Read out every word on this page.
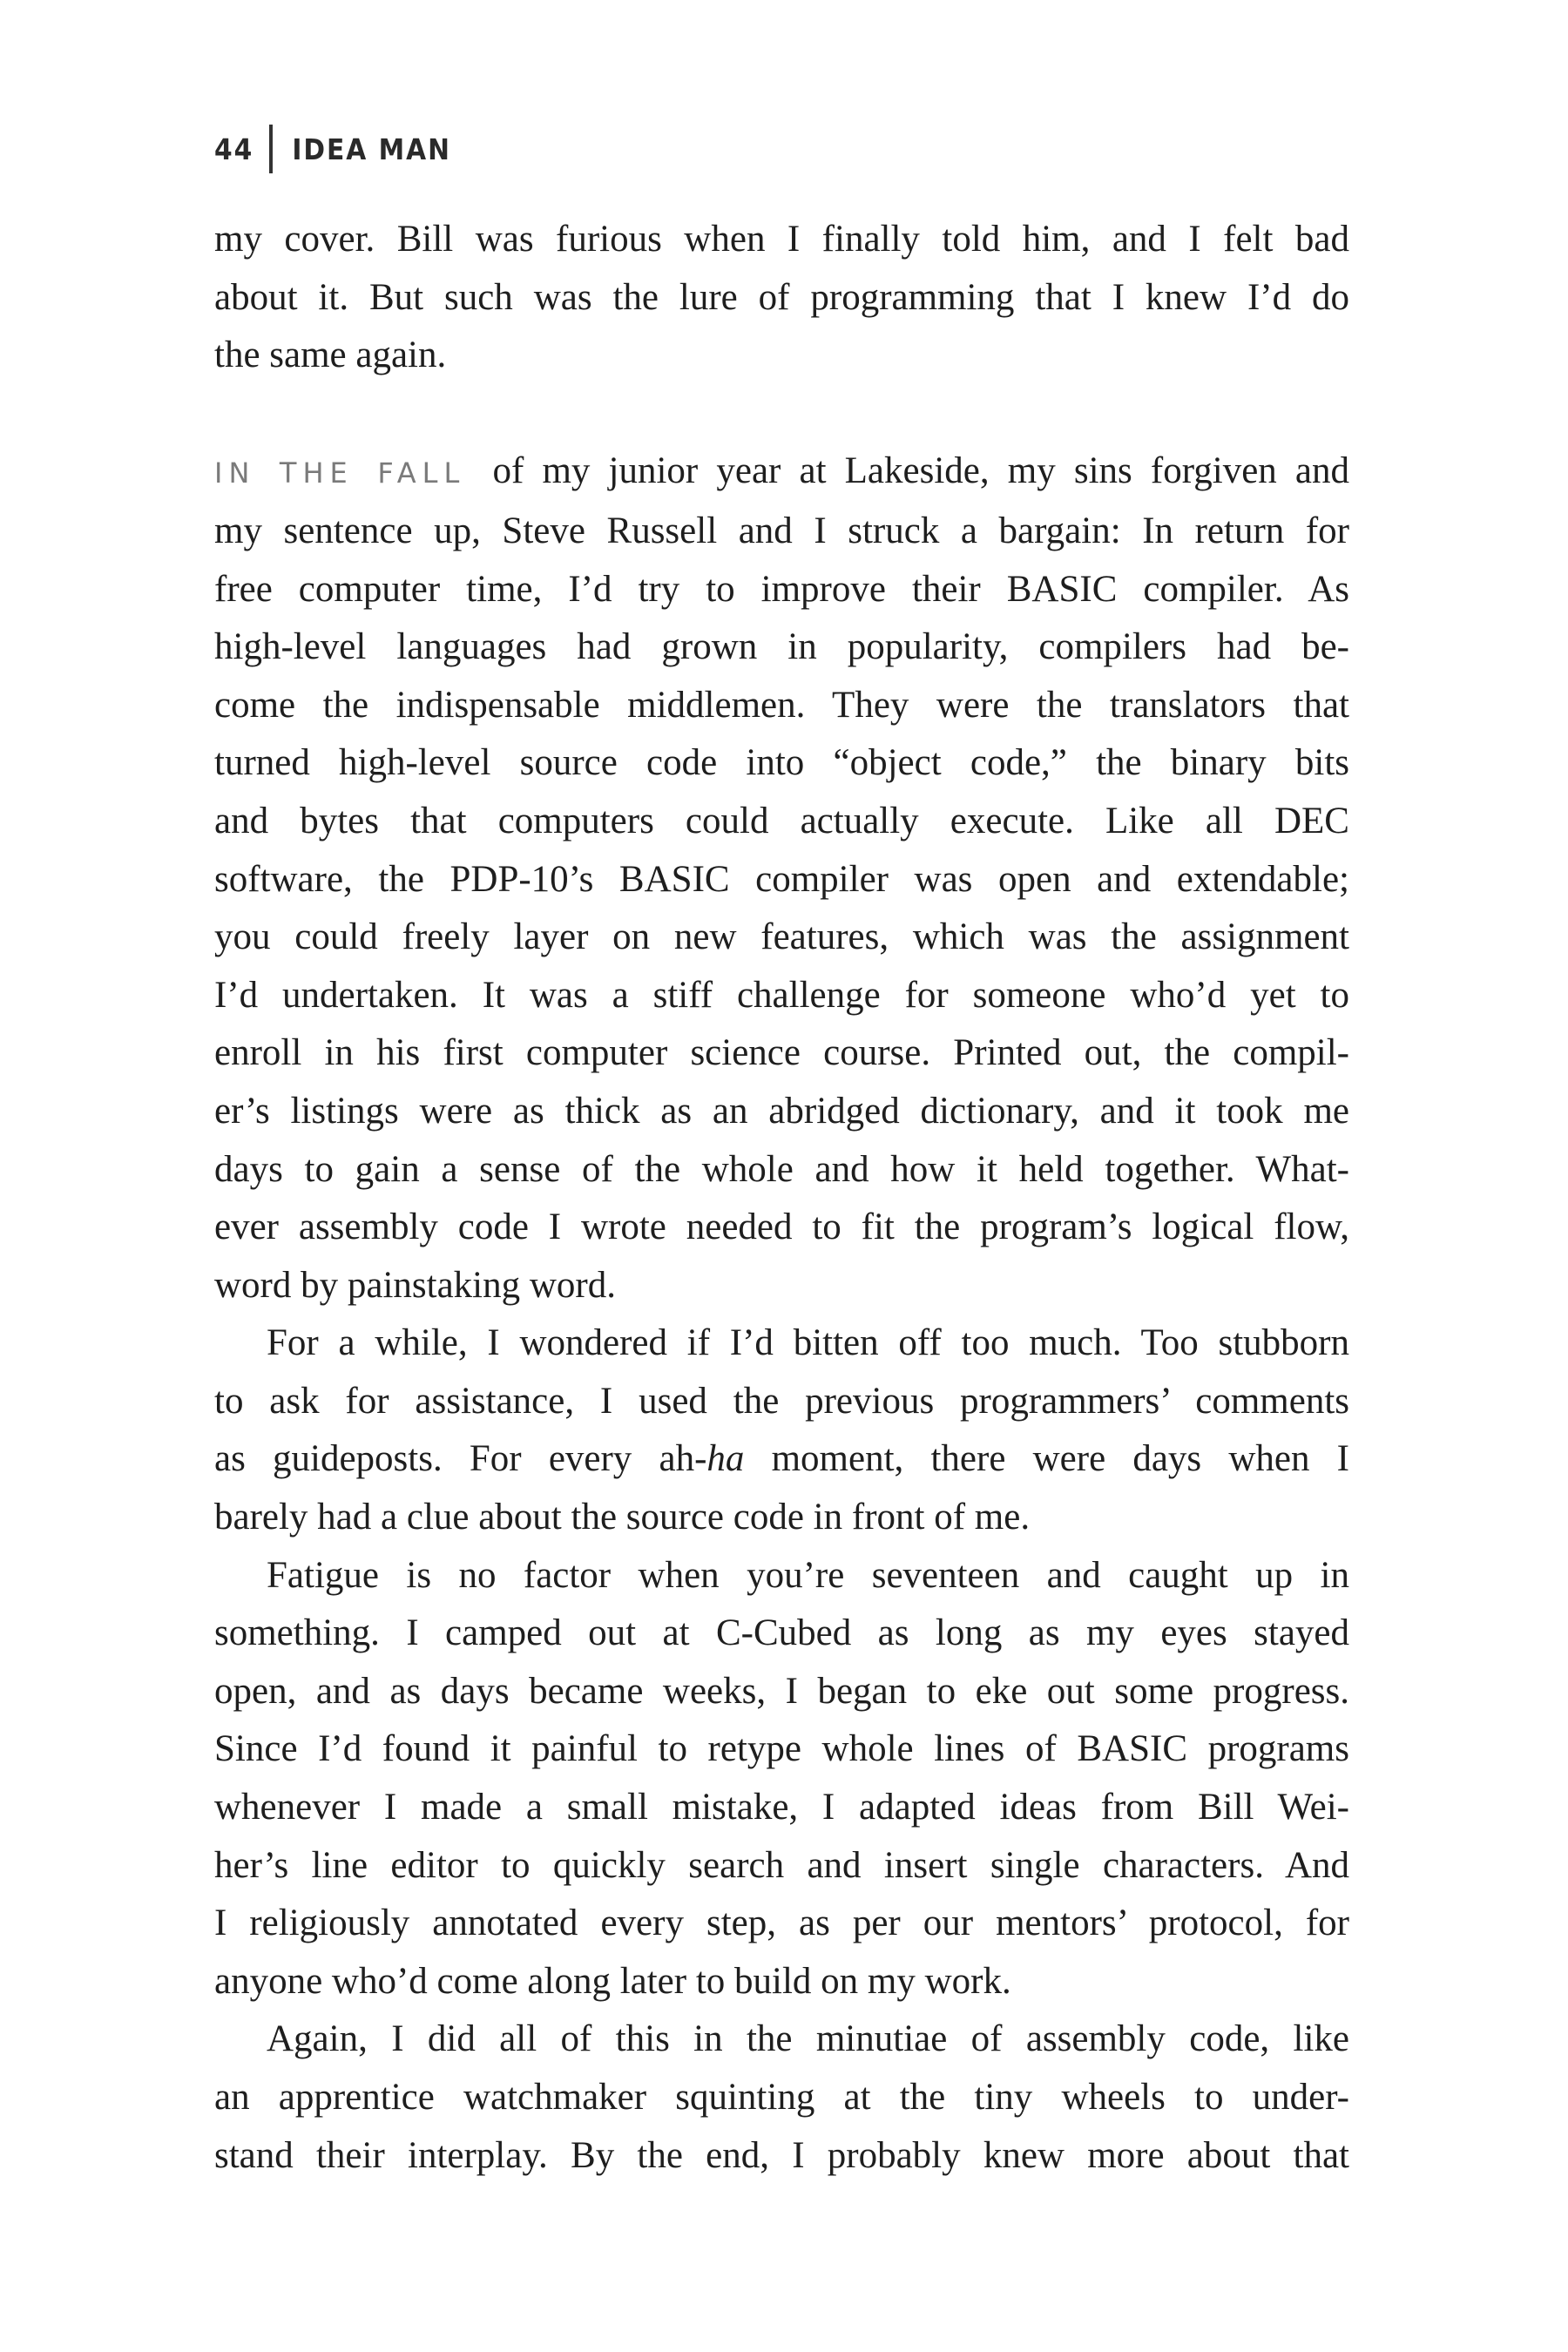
44 IDEA MAN
my cover. Bill was furious when I finally told him, and I felt bad
about it. But such was the lure of programming that I knew I’d do
the same again.
IN THE FALL of my junior year at Lakeside, my sins forgiven and
my sentence up, Steve Russell and I struck a bargain: In return for
free computer time, I’d try to improve their BASIC compiler. As
high-level languages had grown in popularity, compilers had be-
come the indispensable middlemen. They were the translators that
turned high-level source code into “object code,” the binary bits
and bytes that computers could actually execute. Like all DEC
software, the PDP-10’s BASIC compiler was open and extendable;
you could freely layer on new features, which was the assignment
I’d undertaken. It was a stiff challenge for someone who’d yet to
enroll in his first computer science course. Printed out, the compil-
er’s listings were as thick as an abridged dictionary, and it took me
days to gain a sense of the whole and how it held together. What-
ever assembly code I wrote needed to fit the program’s logical flow,
word by painstaking word.
For a while, I wondered if I’d bitten off too much. Too stubborn
to ask for assistance, I used the previous programmers’ comments
as guideposts. For every ah-ha moment, there were days when I
barely had a clue about the source code in front of me.
Fatigue is no factor when you’re seventeen and caught up in
something. I camped out at C-Cubed as long as my eyes stayed
open, and as days became weeks, I began to eke out some progress.
Since I’d found it painful to retype whole lines of BASIC programs
whenever I made a small mistake, I adapted ideas from Bill Wei-
her’s line editor to quickly search and insert single characters. And
I religiously annotated every step, as per our mentors’ protocol, for
anyone who’d come along later to build on my work.
Again, I did all of this in the minutiae of assembly code, like
an apprentice watchmaker squinting at the tiny wheels to under-
stand their interplay. By the end, I probably knew more about that
